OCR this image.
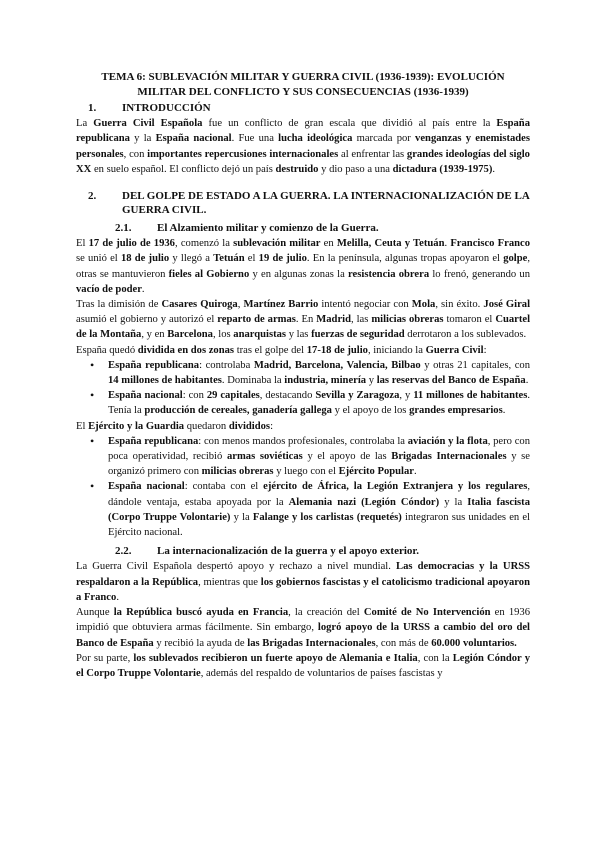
TEMA 6: SUBLEVACIÓN MILITAR Y GUERRA CIVIL (1936-1939): EVOLUCIÓN
MILITAR DEL CONFLICTO Y SUS CONSECUENCIAS (1936-1939)
1.	INTRODUCCIÓN

La Guerra Civil Española fue un conflicto de gran escala que dividió al país entre la España republicana y la España nacional. Fue una lucha ideológica marcada por venganzas y enemistades personales, con importantes repercusiones internacionales al enfrentar las grandes ideologías del siglo XX en suelo español. El conflicto dejó un país destruido y dio paso a una dictadura (1939-1975).

2.	DEL GOLPE DE ESTADO A LA GUERRA. LA INTERNACIONALIZACIÓN DE LA GUERRA CIVIL.
2.1.	El Alzamiento militar y comienzo de la Guerra.

El 17 de julio de 1936, comenzó la sublevación militar en Melilla, Ceuta y Tetuán. Francisco Franco se unió el 18 de julio y llegó a Tetuán el 19 de julio. En la península, algunas tropas apoyaron el golpe, otras se mantuvieron fieles al Gobierno y en algunas zonas la resistencia obrera lo frenó, generando un vacío de poder.

Tras la dimisión de Casares Quiroga, Martínez Barrio intentó negociar con Mola, sin éxito. José Giral asumió el gobierno y autorizó el reparto de armas. En Madrid, las milicias obreras tomaron el Cuartel de la Montaña, y en Barcelona, los anarquistas y las fuerzas de seguridad derrotaron a los sublevados.

España quedó dividida en dos zonas tras el golpe del 17-18 de julio, iniciando la Guerra Civil:

• España republicana: controlaba Madrid, Barcelona, Valencia, Bilbao y otras 21 capitales, con 14 millones de habitantes. Dominaba la industria, minería y las reservas del Banco de España.
• España nacional: con 29 capitales, destacando Sevilla y Zaragoza, y 11 millones de habitantes. Tenía la producción de cereales, ganadería gallega y el apoyo de los grandes empresarios.

El Ejército y la Guardia quedaron divididos:

• España republicana: con menos mandos profesionales, controlaba la aviación y la flota, pero con poca operatividad, recibió armas soviéticas y el apoyo de las Brigadas Internacionales y se organizó primero con milicias obreras y luego con el Ejército Popular.
• España nacional: contaba con el ejército de África, la Legión Extranjera y los regulares, dándole ventaja, estaba apoyada por la Alemania nazi (Legión Cóndor) y la Italia fascista (Corpo Truppe Volontarie) y la Falange y los carlistas (requetés) integraron sus unidades en el Ejército nacional.
2.2.	La internacionalización de la guerra y el apoyo exterior.

La Guerra Civil Española despertó apoyo y rechazo a nivel mundial. Las democracias y la URSS respaldaron a la República, mientras que los gobiernos fascistas y el catolicismo tradicional apoyaron a Franco.

Aunque la República buscó ayuda en Francia, la creación del Comité de No Intervención en 1936 impidió que obtuviera armas fácilmente. Sin embargo, logró apoyo de la URSS a cambio del oro del Banco de España y recibió la ayuda de las Brigadas Internacionales, con más de 60.000 voluntarios.

Por su parte, los sublevados recibieron un fuerte apoyo de Alemania e Italia, con la Legión Cóndor y el Corpo Truppe Volontarie, además del respaldo de voluntarios de países fascistas y
